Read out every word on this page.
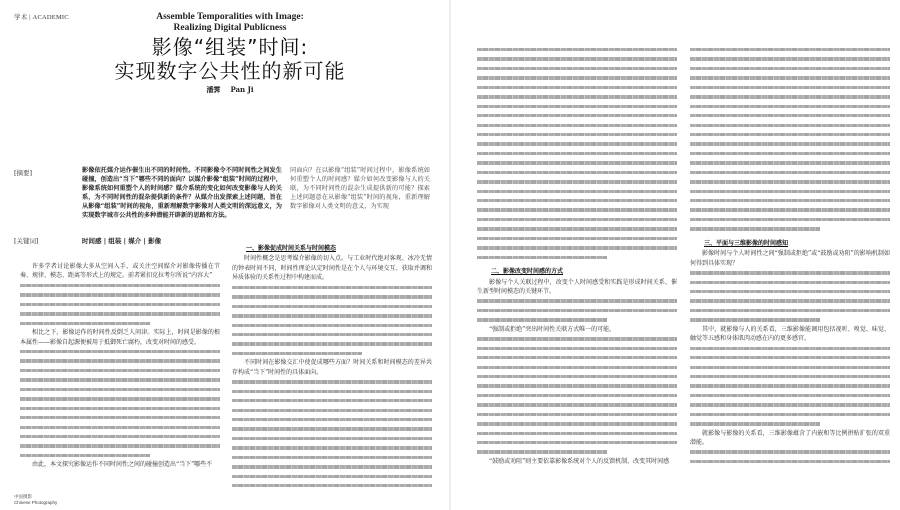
学术 | ACADEMIC	Assemble Temporalities with Image:
Realizing Digital Publicness
影像“组装”时间:
实现数字公共性的新可能
潘霁 Pan Ji
[摘要]	影像依托媒介运作催生出不同的时间性。不同影像令不同时间性之间发生碰撞，创造出“当下”哪些不同的面向？以媒介影像“组装”时间的过程中，影像系统如何重塑个人的时间感？媒介系统的变化如何改变影像与人的关系，为不同时间性的混杂提供新的条件？从媒介出发探索上述问题，旨在从影像“组装”时间的视角，重新理解数字影像对人类文明的深远意义，为实现数字城市公共性的多种潜能开辟新的思路和方法。
同面向？在以影像“组装”时间过程中，影像系统如何重塑个人的时间感？媒介如何改变影像与人的关联，为不同时间性的混杂生成提供新的可能？探索上述问题意在从影像“组装”时间的视角，重新理解数字影像对人类文明的意义，为实现
[关键词]	时间感 | 组装 | 媒介 | 影像

许多学者讨论影像大多从空间入手，或关注空间媒介对影像传播在节奏、规律、模态、距离等形式上的规定。前者紧扣克拉考尔所说“内容大”

相比之下，影像运作的时间性反倒乏人问津。实际上，时间是影像的根本属性——影像自起源便被用于抵御死亡腐朽，改变对时间的感受。

由此，本文探究影像运作不同时间性之间的碰撞创造出“当下”哪些不

一、影像促成时间关系与时间模态

时间性概念是思考媒介影像的切入点。与工业时代绝对客观、冰冷无情的钟表时间不同，时间性理论认定时间性是在个人与环境交互、获取并调和异质体验的关系性过程中构建而成。

不同时间在影像交汇中使促成哪些方面？时间关系和时间模态的差异共存构成“当下”时间性的具体面向。

中国摄影
Chinese Photography
二、影像改变时间感的方式

影像与个人关联过程中，改变个人时间感受和实践是形成时间关系、催生新型时间模态的关键环节。

“强制或拒绝”突出时间性关联方式唯一的可能。

“鼓励或劝阻”则主要依靠影像系统对个人的反馈机制，改变其时间感

三、平面与三维影像的时间感知

影像时间与个人时间性之间“强制或拒绝”或“鼓励或劝阻”的影响机制如何得到具体实现？

其中，就影像与人的关系看，三维影像能调用包括视听、嗅觉、味觉、触觉等五感和身体肌肉动感在内的更多感官。

就影像与影像的关系看，三维影像蕴含了内嵌和等比例拼贴扩张的双重潜能。
